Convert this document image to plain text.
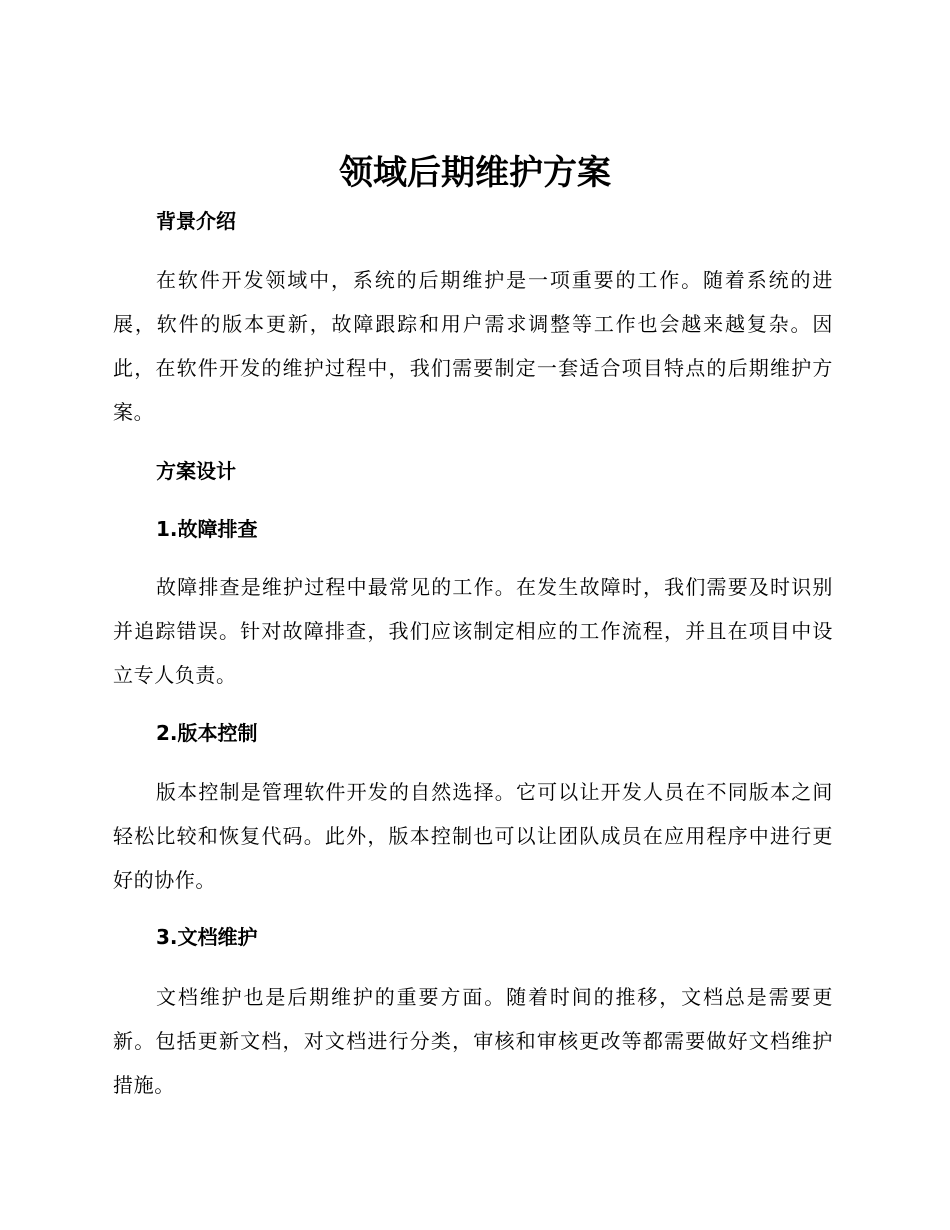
领域后期维护方案
背景介绍

在软件开发领域中，系统的后期维护是一项重要的工作。随着系统的进展，软件的版本更新，故障跟踪和用户需求调整等工作也会越来越复杂。因此，在软件开发的维护过程中，我们需要制定一套适合项目特点的后期维护方案。

方案设计
1.故障排查

故障排查是维护过程中最常见的工作。在发生故障时，我们需要及时识别并追踪错误。针对故障排查，我们应该制定相应的工作流程，并且在项目中设立专人负责。

2.版本控制

版本控制是管理软件开发的自然选择。它可以让开发人员在不同版本之间轻松比较和恢复代码。此外，版本控制也可以让团队成员在应用程序中进行更好的协作。

3.文档维护

文档维护也是后期维护的重要方面。随着时间的推移，文档总是需要更新。包括更新文档，对文档进行分类，审核和审核更改等都需要做好文档维护措施。
